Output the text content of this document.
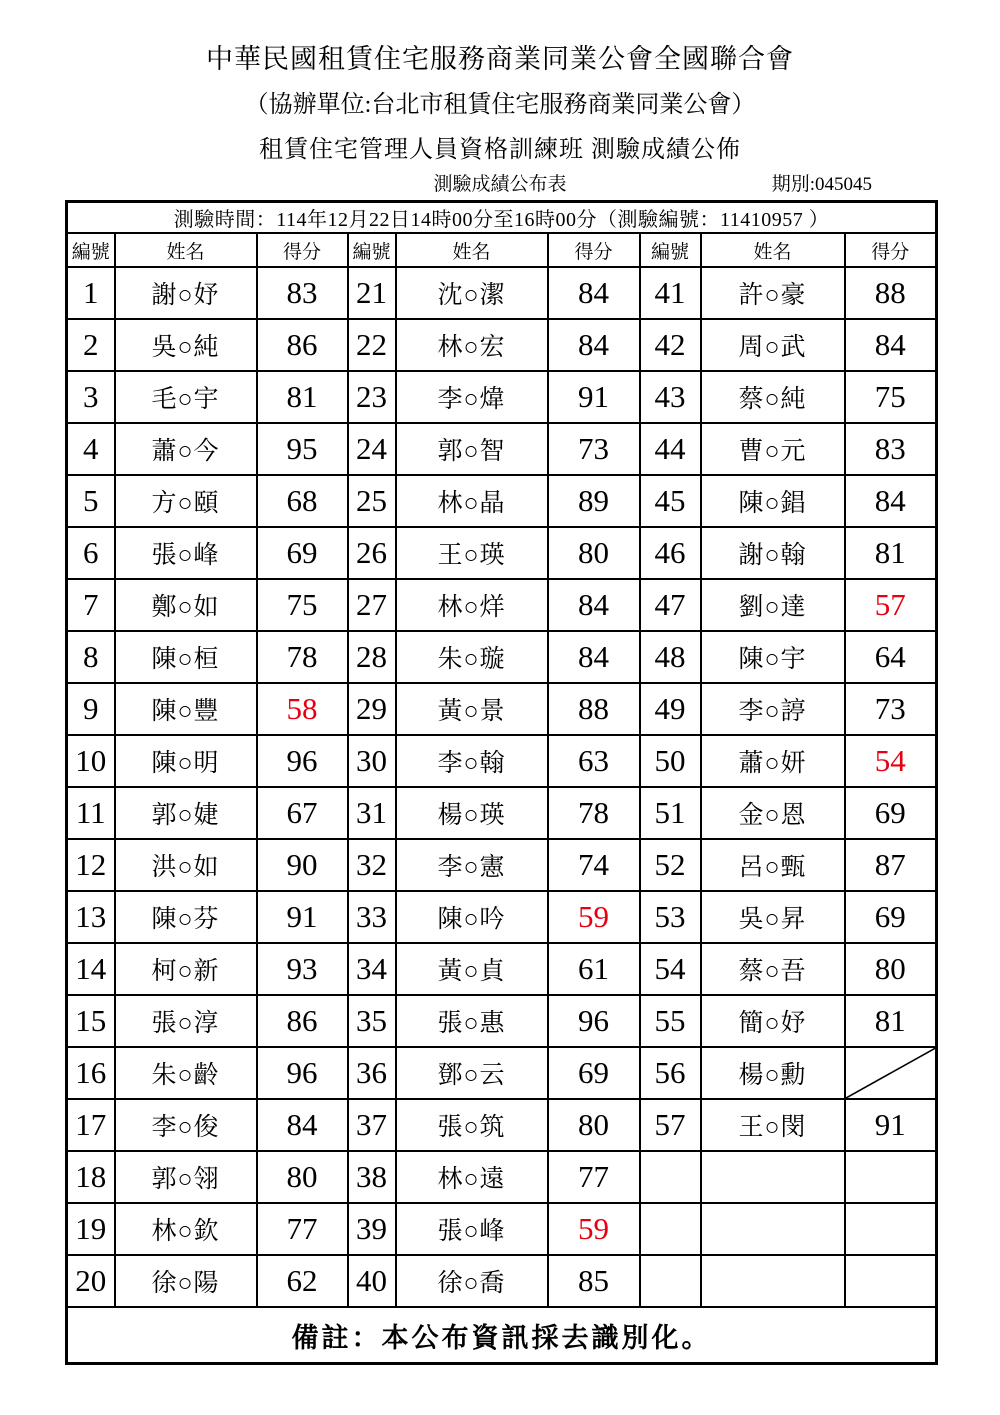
中華民國租賃住宅服務商業同業公會全國聯合會
（協辦單位:台北市租賃住宅服務商業同業公會）
租賃住宅管理人員資格訓練班 測驗成績公佈
測驗成績公布表	期別:045045
測驗時間：114年12月22日14時00分至16時00分（測驗編號：11410957 ）								
編號	姓名	得分	編號	姓名	得分	編號	姓名	得分
1	謝○妤	83	21	沈○潔	84	41	許○豪	88
2	吳○純	86	22	林○宏	84	42	周○武	84
3	毛○宇	81	23	李○煒	91	43	蔡○純	75
4	蕭○今	95	24	郭○智	73	44	曹○元	83
5	方○頤	68	25	林○晶	89	45	陳○錩	84
6	張○峰	69	26	王○瑛	80	46	謝○翰	81
7	鄭○如	75	27	林○烊	84	47	劉○達	57
8	陳○桓	78	28	朱○璇	84	48	陳○宇	64
9	陳○豐	58	29	黃○景	88	49	李○諪	73
10	陳○明	96	30	李○翰	63	50	蕭○妍	54
11	郭○婕	67	31	楊○瑛	78	51	金○恩	69
12	洪○如	90	32	李○憲	74	52	呂○甄	87
13	陳○芬	91	33	陳○吟	59	53	吳○昇	69
14	柯○新	93	34	黃○貞	61	54	蔡○吾	80
15	張○淳	86	35	張○惠	96	55	簡○妤	81
16	朱○齡	96	36	鄧○云	69	56	楊○勳	

17	李○俊	84	37	張○筑	80	57	王○閔	91
18	郭○翎	80	38	林○遠	77			
19	林○欽	77	39	張○峰	59			
20	徐○陽	62	40	徐○喬	85			
備註：本公布資訊採去識別化。								
